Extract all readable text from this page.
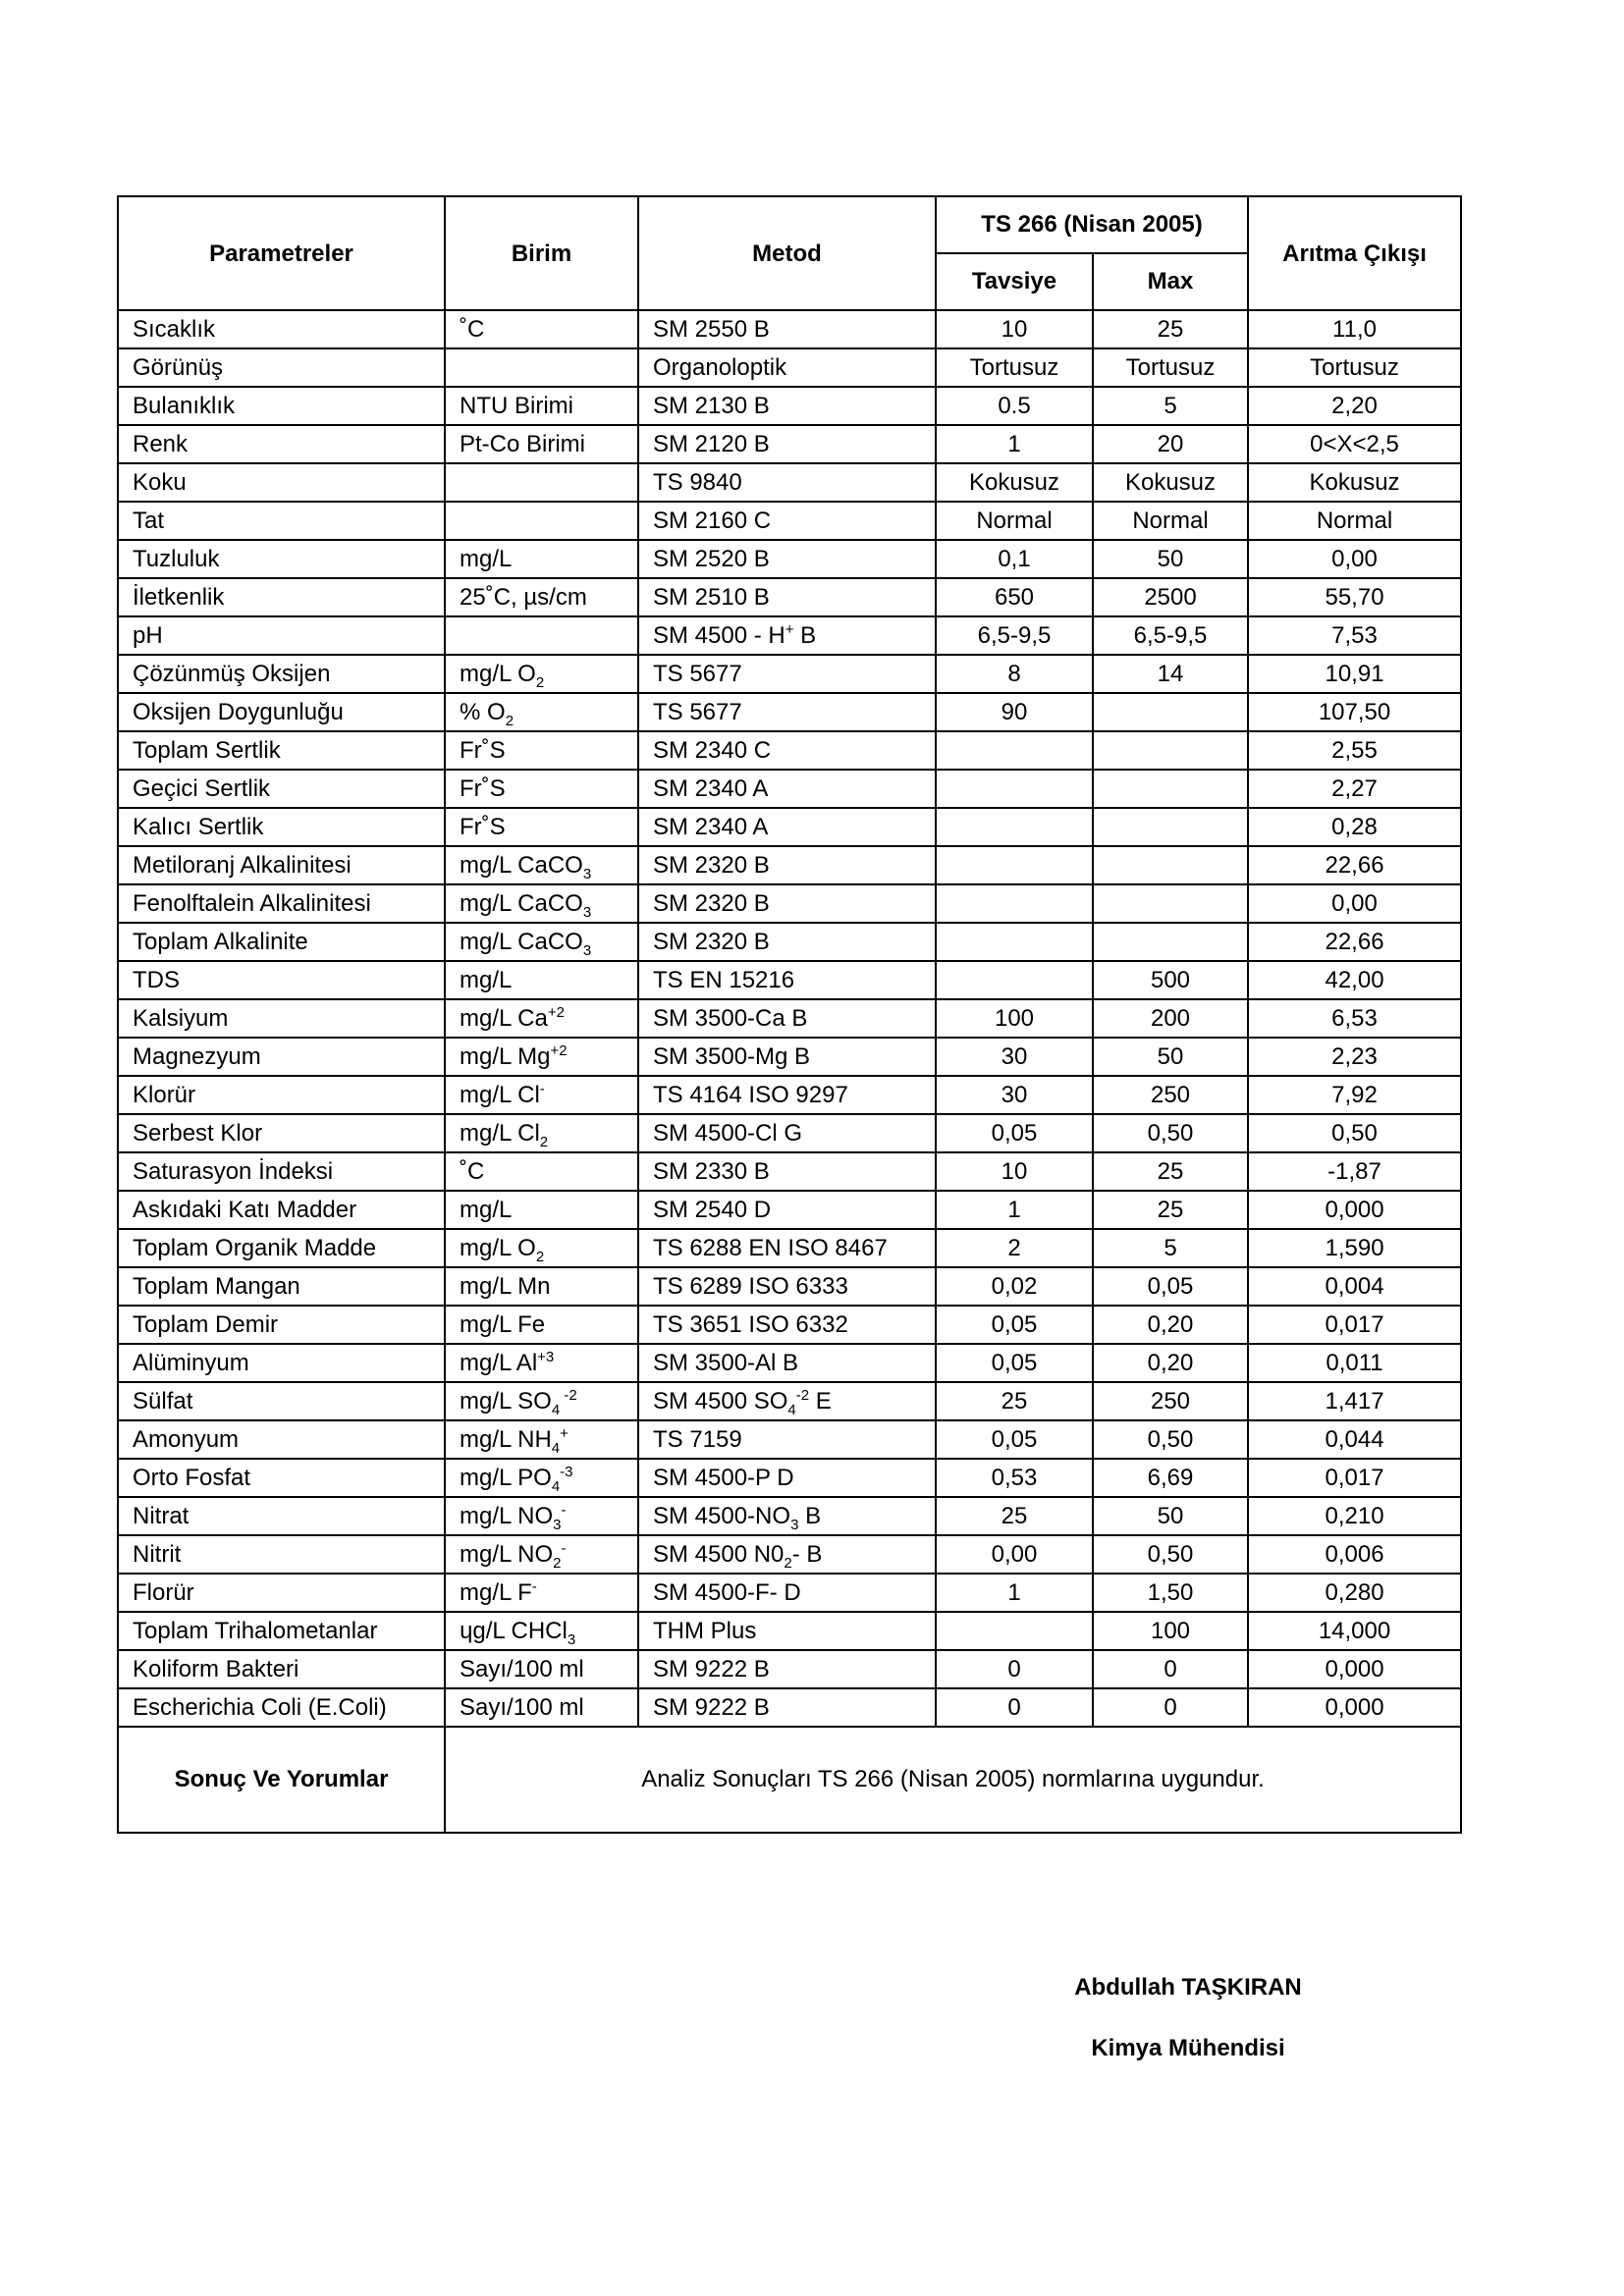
Parametreler	Birim	Metod	TS 266 (Nisan 2005)		Arıtma Çıkışı
			Tavsiye	Max	
Sıcaklık	˚C	SM 2550 B	10	25	11,0
Görünüş		Organoloptik	Tortusuz	Tortusuz	Tortusuz
Bulanıklık	NTU Birimi	SM 2130 B	0.5	5	2,20
Renk	Pt-Co Birimi	SM 2120 B	1	20	0<X<2,5
Koku		TS 9840	Kokusuz	Kokusuz	Kokusuz
Tat		SM 2160 C	Normal	Normal	Normal
Tuzluluk	mg/L	SM 2520 B	0,1	50	0,00
İletkenlik	25˚C, µs/cm	SM 2510 B	650	2500	55,70
pH		SM 4500 - H+ B	6,5-9,5	6,5-9,5	7,53
Çözünmüş Oksijen	mg/L $O_2$	TS 5677	8	14	10,91
Oksijen Doygunluğu	% $O_2$	TS 5677	90		107,50
Toplam Sertlik	Fr˚S	SM 2340 C			2,55
Geçici Sertlik	Fr˚S	SM 2340 A			2,27
Kalıcı Sertlik	Fr˚S	SM 2340 A			0,28
Metiloranj Alkalinitesi	mg/L CaCO$_3$	SM 2320 B			22,66
Fenolftalein Alkalinitesi	mg/L CaCO$_3$	SM 2320 B			0,00
Toplam Alkalinite	mg/L CaCO$_3$	SM 2320 B			22,66
TDS	mg/L	TS EN 15216		500	42,00
Kalsiyum	mg/L $Ca^{+2}$	SM 3500-Ca B	100	200	6,53
Magnezyum	mg/L $Mg^{+2}$	SM 3500-Mg B	30	50	2,23
Klorür	mg/L Cl-	TS 4164 ISO 9297	30	250	7,92
Serbest Klor	mg/L $Cl_2$	SM 4500-Cl G	0,05	0,50	0,50
Saturasyon İndeksi	˚C	SM 2330 B	10	25	-1,87
Askıdaki Katı Madder	mg/L	SM 2540 D	1	25	0,000
Toplam Organik Madde	mg/L $O_2$	TS 6288 EN ISO 8467	2	5	1,590
Toplam Mangan	mg/L Mn	TS 6289 ISO 6333	0,02	0,05	0,004
Toplam Demir	mg/L Fe	TS 3651 ISO 6332	0,05	0,20	0,017
Alüminyum	mg/L $Al^{+3}$	SM 3500-Al B	0,05	0,20	0,011
Sülfat	mg/L $SO_4$ $^{-2}$	SM 4500 $SO_4^{-2}$ E	25	250	1,417
Amonyum	mg/L $NH_4^+$	TS 7159	0,05	0,50	0,044
Orto Fosfat	mg/L $PO_4^{-3}$	SM 4500-P D	0,53	6,69	0,017
Nitrat	mg/L $NO_3^-$	SM $4500-NO_3$ B	25	50	0,210
Nitrit	mg/L $NO_2^-$	SM 4500 $N0_2-$ B	0,00	0,50	0,006
Florür	mg/L F-	SM 4500-F- D	1	1,50	0,280
Toplam Trihalometanlar	ɥg/L CHCl$_3$	THM Plus		100	14,000
Koliform Bakteri	Sayı/100 ml	SM 9222 B	0	0	0,000
Escherichia Coli (E.Coli)	Sayı/100 ml	SM 9222 B	0	0	0,000
Sonuç Ve Yorumlar	Analiz Sonuçları TS 266 (Nisan 2005) normlarına uygundur.				
Abdullah TAŞKIRAN
Kimya Mühendisi
